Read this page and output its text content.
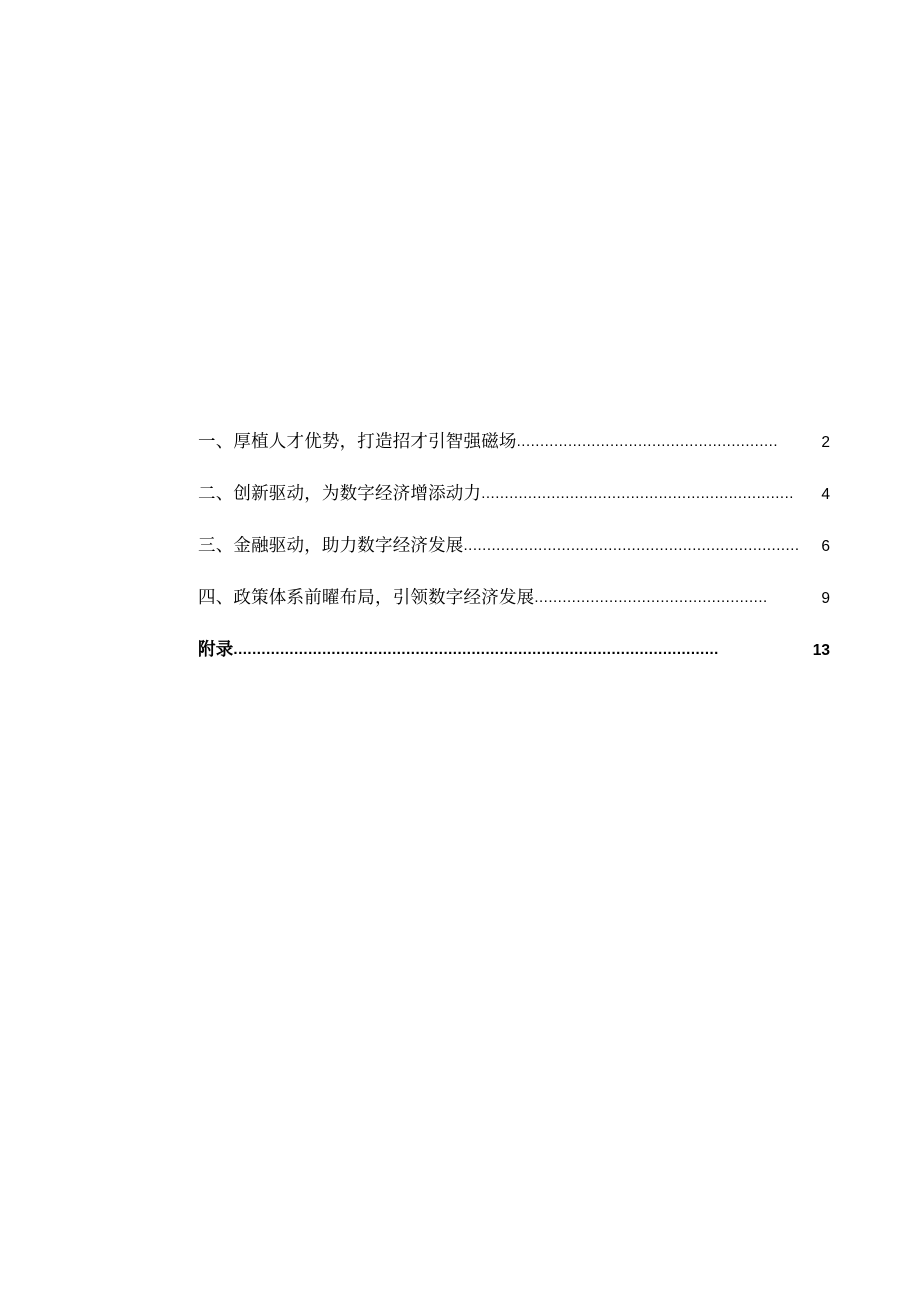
一、厚植人才优势，打造招才引智强磁场 ........................................................	2
二、创新驱动，为数字经济增添动力 ...................................................................	4
三、金融驱动，助力数字经济发展 ........................................................................	6
四、政策体系前曜布局，引领数字经济发展 ..................................................	9
附录 ........................................................................................................	13
